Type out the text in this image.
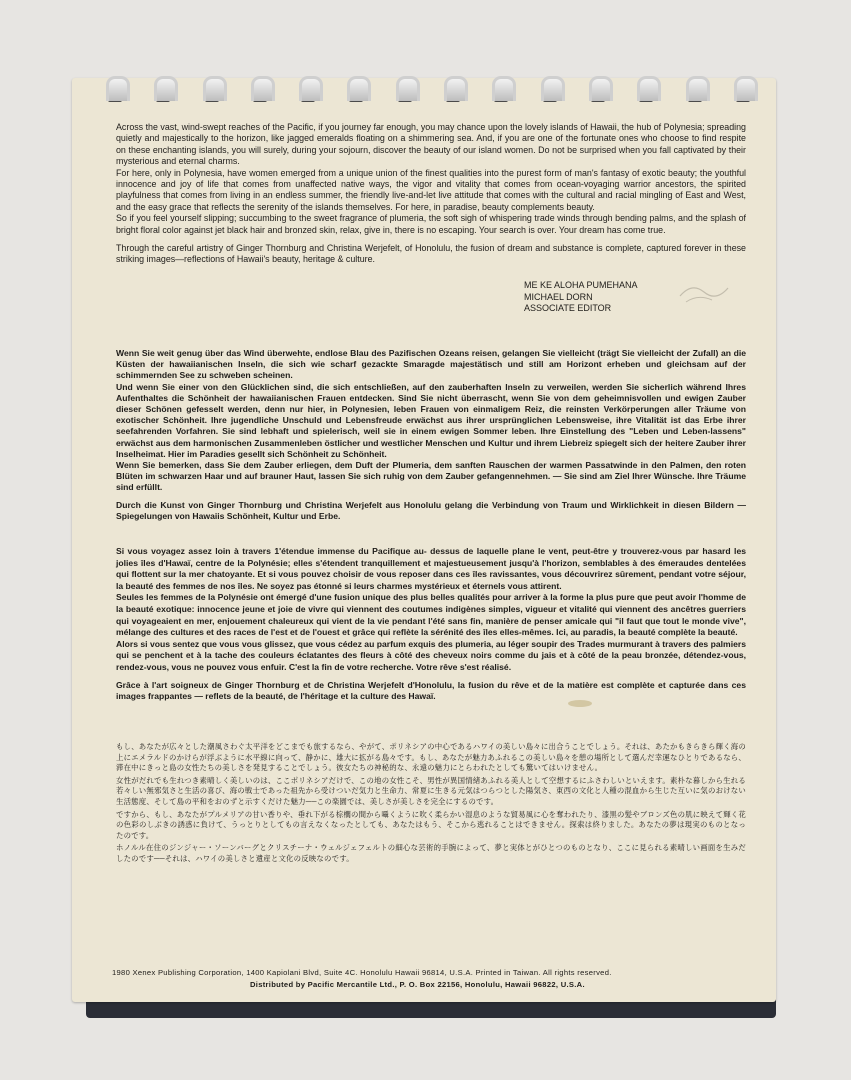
Across the vast, wind-swept reaches of the Pacific, if you journey far enough, you may chance upon the lovely islands of Hawaii, the hub of Polynesia; spreading quietly and majestically to the horizon, like jagged emeralds floating on a shimmering sea. And, if you are one of the fortunate ones who choose to find respite on these enchanting islands, you will surely, during your sojourn, discover the beauty of our island women. Do not be surprised when you fall captivated by their mysterious and eternal charms.

For here, only in Polynesia, have women emerged from a unique union of the finest qualities into the purest form of man's fantasy of exotic beauty; the youthful innocence and joy of life that comes from unaffected native ways, the vigor and vitality that comes from ocean-voyaging warrior ancestors, the spirited playfulness that comes from living in an endless summer, the friendly live-and-let live attitude that comes with the cultural and racial mingling of East and West, and the easy grace that reflects the serenity of the islands themselves. For here, in paradise, beauty complements beauty.

So if you feel yourself slipping; succumbing to the sweet fragrance of plumeria, the soft sigh of whispering trade winds through bending palms, and the splash of bright floral color against jet black hair and bronzed skin, relax, give in, there is no escaping. Your search is over. Your dream has come true.

Through the careful artistry of Ginger Thornburg and Christina Werjefelt, of Honolulu, the fusion of dream and substance is complete, captured forever in these striking images—reflections of Hawaii's beauty, heritage & culture.

ME KE ALOHA PUMEHANA
MICHAEL DORN
ASSOCIATE EDITOR

Wenn Sie weit genug über das Wind überwehte, endlose Blau des Pazifischen Ozeans reisen, gelangen Sie vielleicht (trägt Sie vielleicht der Zufall) an die Küsten der hawaiianischen Inseln, die sich wie scharf gezackte Smaragde majestätisch und still am Horizont erheben und gleichsam auf der schimmernden See zu schweben scheinen.

Und wenn Sie einer von den Glücklichen sind, die sich entschließen, auf den zauberhaften Inseln zu verweilen, werden Sie sicherlich während Ihres Aufenthaltes die Schönheit der hawaiianischen Frauen entdecken. Sind Sie nicht überrascht, wenn Sie von dem geheimnisvollen und ewigen Zauber dieser Schönen gefesselt werden, denn nur hier, in Polynesien, leben Frauen von einmaligem Reiz, die reinsten Verkörperungen aller Träume von exotischer Schönheit. Ihre jugendliche Unschuld und Lebensfreude erwächst aus ihrer ursprünglichen Lebensweise, ihre Vitalität ist das Erbe ihrer seefahrenden Vorfahren. Sie sind lebhaft und spielerisch, weil sie in einem ewigen Sommer leben. Ihre Einstellung des "Leben und Leben-lassens" erwächst aus dem harmonischen Zusammenleben östlicher und westlicher Menschen und Kultur und ihrem Liebreiz spiegelt sich der heitere Zauber ihrer Inselheimat. Hier im Paradies gesellt sich Schönheit zu Schönheit.

Wenn Sie bemerken, dass Sie dem Zauber erliegen, dem Duft der Plumeria, dem sanften Rauschen der warmen Passatwinde in den Palmen, den roten Blüten im schwarzen Haar und auf brauner Haut, lassen Sie sich ruhig von dem Zauber gefangennehmen. — Sie sind am Ziel Ihrer Wünsche. Ihre Träume sind erfüllt.

Durch die Kunst von Ginger Thornburg und Christina Werjefelt aus Honolulu gelang die Verbindung von Traum und Wirklichkeit in diesen Bildern — Spiegelungen von Hawaiis Schönheit, Kultur und Erbe.

Si vous voyagez assez loin à travers 1'étendue immense du Pacifique au- dessus de laquelle plane le vent, peut-être y trouverez-vous par hasard les jolies îles d'Hawaï, centre de la Polynésie; elles s'étendent tranquillement et majestueusement jusqu'à l'horizon, semblables à des émeraudes dentelées qui flottent sur la mer chatoyante. Et si vous pouvez choisir de vous reposer dans ces îles ravissantes, vous découvrirez sûrement, pendant votre séjour, la beauté des femmes de nos îles. Ne soyez pas étonné si leurs charmes mystérieux et éternels vous attirent.

Seules les femmes de la Polynésie ont émergé d'une fusion unique des plus belles qualités pour arriver à la forme la plus pure que peut avoir l'homme de la beauté exotique: innocence jeune et joie de vivre qui viennent des coutumes indigènes simples, vigueur et vitalité qui viennent des ancêtres guerriers qui voyageaient en mer, enjouement chaleureux qui vient de la vie pendant l'été sans fin, manière de penser amicale qui "il faut que tout le monde vive", mélange des cultures et des races de l'est et de l'ouest et grâce qui reflète la sérénité des îles elles-mêmes. Ici, au paradis, la beauté complète la beauté.

Alors si vous sentez que vous vous glissez, que vous cédez au parfum exquis des plumeria, au léger soupir des Trades murmurant à travers des palmiers qui se penchent et à la tache des couleurs éclatantes des fleurs à côté des cheveux noirs comme du jais et à côté de la peau bronzée, détendez-vous, rendez-vous, vous ne pouvez vous enfuir. C'est la fin de votre recherche. Votre rêve s'est réalisé.

Grâce à l'art soigneux de Ginger Thornburg et de Christina Werjefelt d'Honolulu, la fusion du rêve et de la matière est complète et capturée dans ces images frappantes — reflets de la beauté, de l'héritage et la culture des Hawaï.

もし、あなたが広々とした潮風さわぐ太平洋をどこまでも旅するなら、やがて、ポリネシアの中心であるハワイの美しい島々に出合うことでしょう。それは、あたかもきらきら輝く海の上にエメラルドのかけらが浮ぶように水平線に向って、静かに、雄大に拡がる島々です。もし、あなたが魅力あふれるこの美しい島々を憩の場所として選んだ幸運なひとりであるなら、滞在中にきっと島の女性たちの美しさを発見することでしょう。彼女たちの神秘的な、永遠の魅力にとらわれたとしても驚いてはいけません。

女性がだれでも生れつき素晴しく美しいのは、ここポリネシアだけで、この地の女性こそ、男性が異国情緒あふれる美人として空想するにふさわしいといえます。素朴な暮しから生れる若々しい無邪気さと生活の喜び、海の戦士であった祖先から受けついだ気力と生命力、常夏に生きる元気はつらつとした陽気さ、東西の文化と人種の混血から生じた互いに気のおけない生活態度、そして島の平和をおのずと示すくだけた魅力──この楽園では、美しさが美しさを完全にするのです。

ですから、もし、あなたがプルメリアの甘い香りや、垂れ下がる棕櫚の間から囁くように吹く柔らかい湿息のような貿易風に心を奪われたり、漆黒の髪やブロンズ色の肌に映えて輝く花の色彩のしぶきの誘惑に負けて、うっとりとしてもの言えなくなったとしても、あなたはもう、そこから逃れることはできません。探索は終りました。あなたの夢は現実のものとなったのです。

ホノルル在住のジンジャー・ソーンバーグとクリスチーナ・ウェルジェフェルトの細心な芸術的手腕によって、夢と実体とがひとつのものとなり、ここに見られる素晴しい画面を生みだしたのです──それは、ハワイの美しさと遺産と文化の反映なのです。

1980 Xenex Publishing Corporation, 1400 Kapiolani Blvd, Suite 4C. Honolulu Hawaii 96814, U.S.A. Printed in Taiwan. All rights reserved.
Distributed by Pacific Mercantile Ltd., P. O. Box 22156, Honolulu, Hawaii 96822, U.S.A.
